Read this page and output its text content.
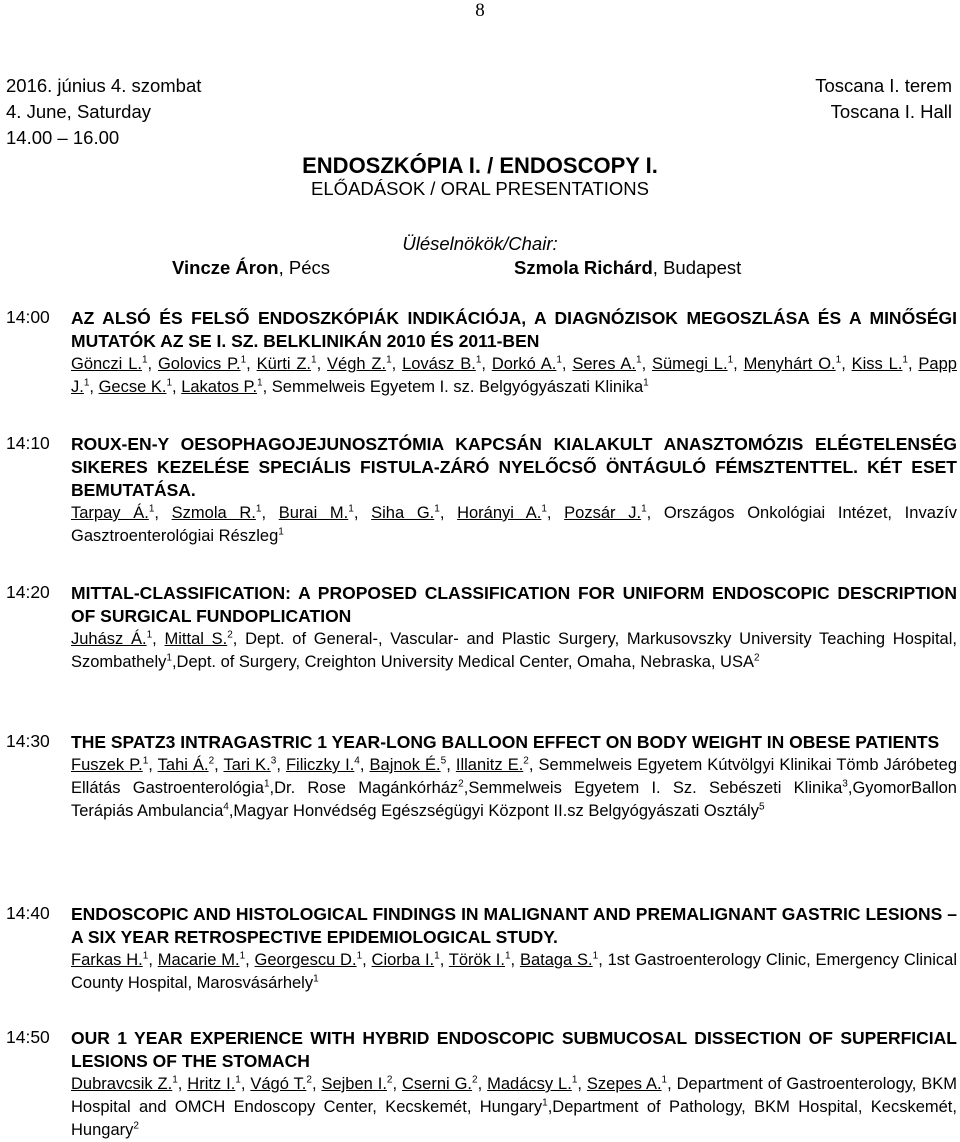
8
2016. június 4. szombat	Toscana I. terem
4. June, Saturday	Toscana I. Hall
14.00 – 16.00
ENDOSZKÓPIA I. / ENDOSCOPY I.
ELŐADÁSOK / ORAL PRESENTATIONS
Üléselnökök/Chair:
Vincze Áron, Pécs	Szmola Richárd, Budapest
14:00 AZ ALSÓ ÉS FELSŐ ENDOSZKÓPIÁK INDIKÁCIÓJA, A DIAGNÓZISOK MEGOSZLÁSA ÉS A MINŐSÉGI MUTATÓK AZ SE I. SZ. BELKLINIKÁN 2010 ÉS 2011-BEN
Gönczi L.$^1$, Golovics P.$^1$, Kürti Z.$^1$, Végh Z.$^1$, Lovász B.$^1$, Dorkó A.$^1$, Seres A.$^1$, Sümegi L.$^1$, Menyhárt O.$^1$, Kiss L.$^1$, Papp J.$^1$, Gecse K.$^1$, Lakatos P.$^1$, Semmelweis Egyetem I. sz. Belgyógyászati Klinika$^1$
14:10 ROUX-EN-Y OESOPHAGOJEJUNOSZTÓMIA KAPCSÁN KIALAKULT ANASZTOMÓZIS ELÉGTELENSÉG SIKERES KEZELÉSE SPECIÁLIS FISTULA-ZÁRÓ NYELŐCSŐ ÖNTÁGULÓ FÉMSZTENTTEL. KÉT ESET BEMUTATÁSA.
Tarpay Á.$^1$, Szmola R.$^1$, Burai M.$^1$, Siha G.$^1$, Horányi A.$^1$, Pozsár J.$^1$, Országos Onkológiai Intézet, Invazív Gasztroenterológiai Részleg$^1$
14:20 MITTAL-CLASSIFICATION: A PROPOSED CLASSIFICATION FOR UNIFORM ENDOSCOPIC DESCRIPTION OF SURGICAL FUNDOPLICATION
Juhász Á.$^1$, Mittal S.$^2$, Dept. of General-, Vascular- and Plastic Surgery, Markusovszky University Teaching Hospital, Szombathely$^1$,Dept. of Surgery, Creighton University Medical Center, Omaha, Nebraska, USA$^2$
14:30 THE SPATZ3 INTRAGASTRIC 1 YEAR-LONG BALLOON EFFECT ON BODY WEIGHT IN OBESE PATIENTS
Fuszek P.$^1$, Tahi Á.$^2$, Tari K.$^3$, Filiczky I.$^4$, Bajnok É.$^5$, Illanitz E.$^2$, Semmelweis Egyetem Kútvölgyi Klinikai Tömb Járóbeteg Ellátás Gastroenterológia$^1$,Dr. Rose Magánkórház$^2$,Semmelweis Egyetem I. Sz. Sebészeti Klinika$^3$,GyomorBallon Terápiás Ambulancia$^4$,Magyar Honvédség Egészségügyi Központ II.sz Belgyógyászati Osztály$^5$
14:40 ENDOSCOPIC AND HISTOLOGICAL FINDINGS IN MALIGNANT AND PREMALIGNANT GASTRIC LESIONS – A SIX YEAR RETROSPECTIVE EPIDEMIOLOGICAL STUDY.
Farkas H.$^1$, Macarie M.$^1$, Georgescu D.$^1$, Ciorba I.$^1$, Török I.$^1$, Bataga S.$^1$, 1st Gastroenterology Clinic, Emergency Clinical County Hospital, Marosvásárhely$^1$
14:50 OUR 1 YEAR EXPERIENCE WITH HYBRID ENDOSCOPIC SUBMUCOSAL DISSECTION OF SUPERFICIAL LESIONS OF THE STOMACH
Dubravcsik Z.$^1$, Hritz I.$^1$, Vágó T.$^2$, Sejben I.$^2$, Cserni G.$^2$, Madácsy L.$^1$, Szepes A.$^1$, Department of Gastroenterology, BKM Hospital and OMCH Endoscopy Center, Kecskemét, Hungary$^1$,Department of Pathology, BKM Hospital, Kecskemét, Hungary$^2$
